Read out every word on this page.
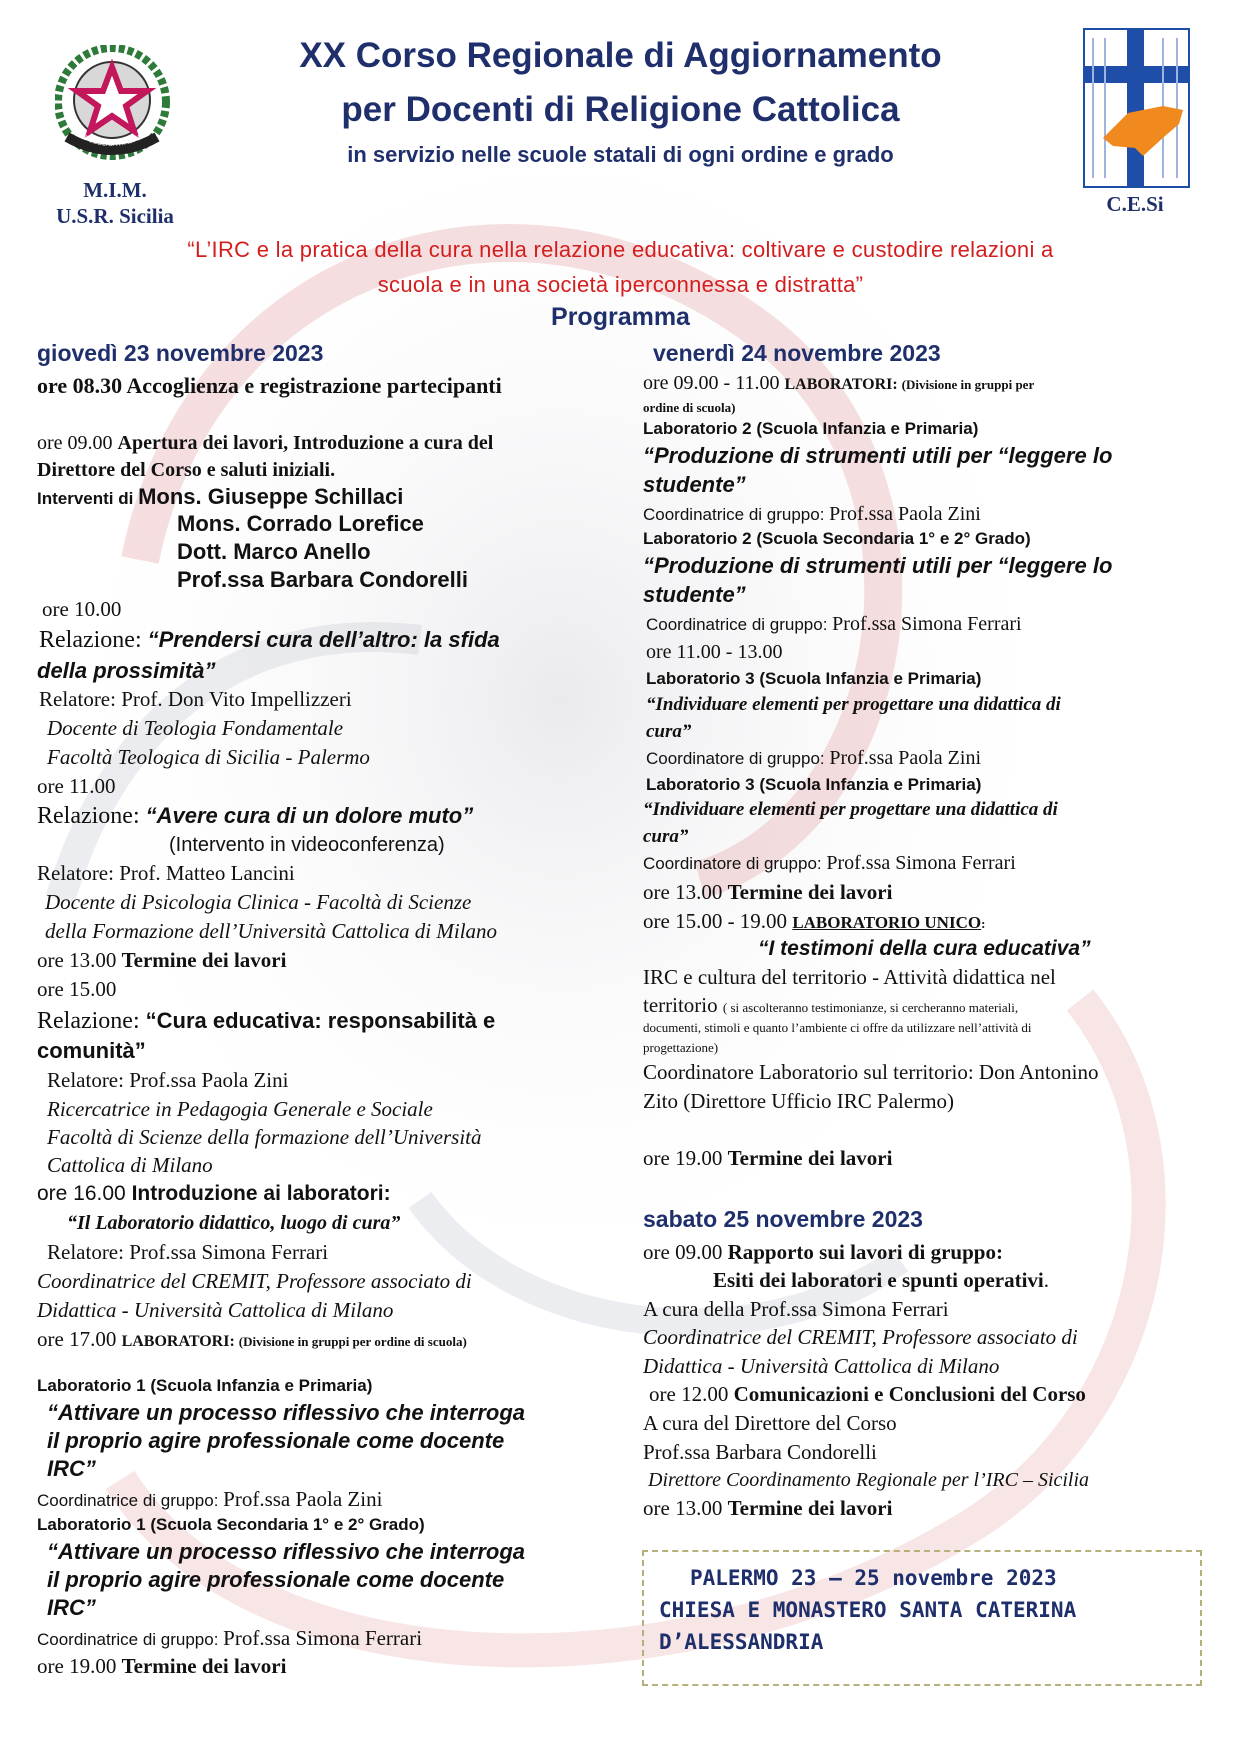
REPUBBLICA ITALIANA
M.I.M.
U.S.R. Sicilia	C.E.Si
XX Corso Regionale di Aggiornamento
per Docenti di Religione Cattolica
in servizio nelle scuole statali di ogni ordine e grado
“L’IRC e la pratica della cura nella relazione educativa: coltivare e custodire relazioni a
scuola e in una società iperconnessa e distratta”
Programma
giovedì 23 novembre 2023
ore 08.30 Accoglienza e registrazione partecipanti
ore 09.00 Apertura dei lavori, Introduzione a cura del
Direttore del Corso e saluti iniziali.
Interventi di Mons. Giuseppe Schillaci
Mons. Corrado Lorefice
Dott. Marco Anello
Prof.ssa Barbara Condorelli
ore 10.00
Relazione: “Prendersi cura dell’altro: la sfida
della prossimità”
Relatore: Prof. Don Vito Impellizzeri
Docente di Teologia Fondamentale
Facoltà Teologica di Sicilia - Palermo
ore 11.00
Relazione: “Avere cura di un dolore muto”
(Intervento in videoconferenza)
Relatore: Prof. Matteo Lancini
Docente di Psicologia Clinica - Facoltà di Scienze
della Formazione dell’Università Cattolica di Milano
ore 13.00 Termine dei lavori
ore 15.00
Relazione: “Cura educativa: responsabilità e
comunità”
Relatore: Prof.ssa Paola Zini
Ricercatrice in Pedagogia Generale e Sociale
Facoltà di Scienze della formazione dell’Università
Cattolica di Milano
ore 16.00 Introduzione ai laboratori:
“Il Laboratorio didattico, luogo di cura”
Relatore: Prof.ssa Simona Ferrari
Coordinatrice del CREMIT, Professore associato di
Didattica - Università Cattolica di Milano
ore 17.00 LABORATORI: (Divisione in gruppi per ordine di scuola)
Laboratorio 1 (Scuola Infanzia e Primaria)
“Attivare un processo riflessivo che interroga
il proprio agire professionale come docente
IRC”
Coordinatrice di gruppo: Prof.ssa Paola Zini
Laboratorio 1 (Scuola Secondaria 1° e 2° Grado)
“Attivare un processo riflessivo che interroga
il proprio agire professionale come docente
IRC”
Coordinatrice di gruppo: Prof.ssa Simona Ferrari
ore 19.00 Termine dei lavori
venerdì 24 novembre 2023
ore 09.00 - 11.00 LABORATORI: (Divisione in gruppi per
ordine di scuola)
Laboratorio 2 (Scuola Infanzia e Primaria)
“Produzione di strumenti utili per “leggere lo
studente”
Coordinatrice di gruppo: Prof.ssa Paola Zini
Laboratorio 2 (Scuola Secondaria 1° e 2° Grado)
“Produzione di strumenti utili per “leggere lo
studente”
Coordinatrice di gruppo: Prof.ssa Simona Ferrari
ore 11.00 - 13.00
Laboratorio 3 (Scuola Infanzia e Primaria)
“Individuare elementi per progettare una didattica di
cura”
Coordinatore di gruppo: Prof.ssa Paola Zini
Laboratorio 3 (Scuola Infanzia e Primaria)
“Individuare elementi per progettare una didattica di
cura”
Coordinatore di gruppo: Prof.ssa Simona Ferrari
ore 13.00 Termine dei lavori
ore 15.00 - 19.00 LABORATORIO UNICO:
“I testimoni della cura educativa”
IRC e cultura del territorio - Attività didattica nel
territorio ( si ascolteranno testimonianze, si cercheranno materiali,
documenti, stimoli e quanto l’ambiente ci offre da utilizzare nell’attività di
progettazione)
Coordinatore Laboratorio sul territorio: Don Antonino
Zito (Direttore Ufficio IRC Palermo)
ore 19.00 Termine dei lavori
sabato 25 novembre 2023
ore 09.00 Rapporto sui lavori di gruppo:
Esiti dei laboratori e spunti operativi.
A cura della Prof.ssa Simona Ferrari
Coordinatrice del CREMIT, Professore associato di
Didattica - Università Cattolica di Milano
ore 12.00 Comunicazioni e Conclusioni del Corso
A cura del Direttore del Corso
Prof.ssa Barbara Condorelli
Direttore Coordinamento Regionale per l’IRC – Sicilia
ore 13.00 Termine dei lavori
PALERMO 23 – 25 novembre 2023
CHIESA E MONASTERO SANTA CATERINA
D’ALESSANDRIA
